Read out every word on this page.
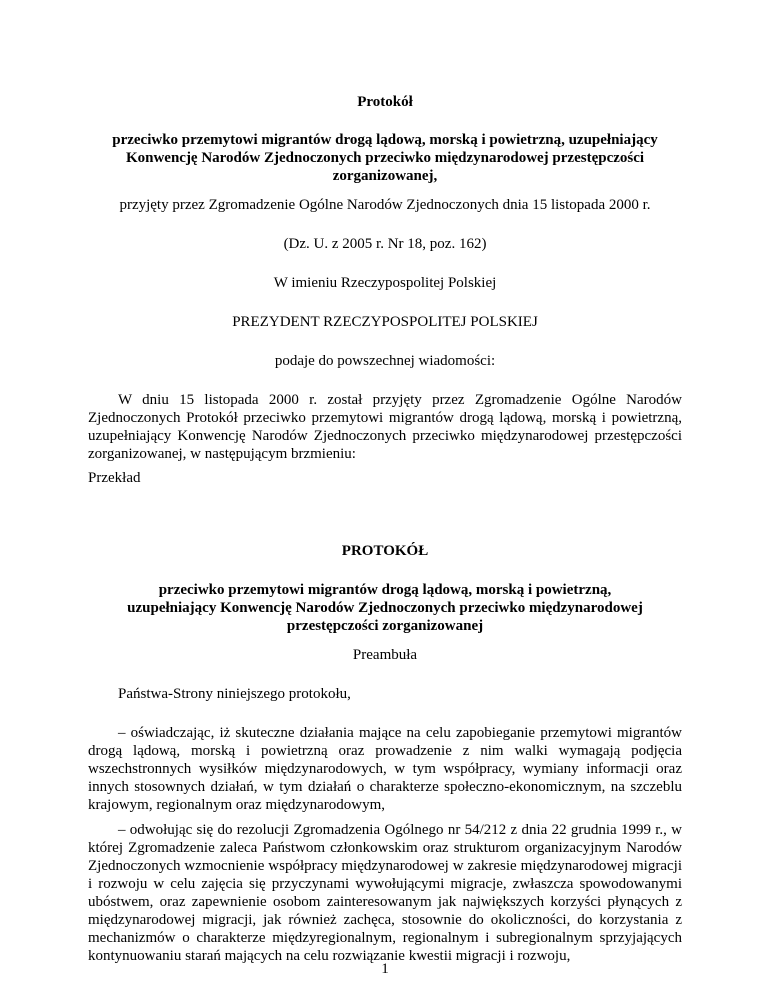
Protokół

przeciwko przemytowi migrantów drogą lądową, morską i powietrzną, uzupełniający
Konwencję Narodów Zjednoczonych przeciwko międzynarodowej przestępczości
zorganizowanej,

przyjęty przez Zgromadzenie Ogólne Narodów Zjednoczonych dnia 15 listopada 2000 r.

(Dz. U. z 2005 r. Nr 18, poz. 162)

W imieniu Rzeczypospolitej Polskiej

PREZYDENT RZECZYPOSPOLITEJ POLSKIEJ

podaje do powszechnej wiadomości:

W dniu 15 listopada 2000 r. został przyjęty przez Zgromadzenie Ogólne Narodów Zjednoczonych Protokół przeciwko przemytowi migrantów drogą lądową, morską i powietrzną, uzupełniający Konwencję Narodów Zjednoczonych przeciwko międzynarodowej przestępczości zorganizowanej, w następującym brzmieniu:

Przekład

PROTOKÓŁ

przeciwko przemytowi migrantów drogą lądową, morską i powietrzną,
uzupełniający Konwencję Narodów Zjednoczonych przeciwko międzynarodowej
przestępczości zorganizowanej

Preambuła

Państwa-Strony niniejszego protokołu,

– oświadczając, iż skuteczne działania mające na celu zapobieganie przemytowi migrantów drogą lądową, morską i powietrzną oraz prowadzenie z nim walki wymagają podjęcia wszechstronnych wysiłków międzynarodowych, w tym współpracy, wymiany informacji oraz innych stosownych działań, w tym działań o charakterze społeczno-ekonomicznym, na szczeblu krajowym, regionalnym oraz międzynarodowym,

– odwołując się do rezolucji Zgromadzenia Ogólnego nr 54/212 z dnia 22 grudnia 1999 r., w której Zgromadzenie zaleca Państwom członkowskim oraz strukturom organizacyjnym Narodów Zjednoczonych wzmocnienie współpracy międzynarodowej w zakresie międzynarodowej migracji i rozwoju w celu zajęcia się przyczynami wywołującymi migracje, zwłaszcza spowodowanymi ubóstwem, oraz zapewnienie osobom zainteresowanym jak największych korzyści płynących z międzynarodowej migracji, jak również zachęca, stosownie do okoliczności, do korzystania z mechanizmów o charakterze międzyregionalnym, regionalnym i subregionalnym sprzyjających kontynuowaniu starań mających na celu rozwiązanie kwestii migracji i rozwoju,

1
